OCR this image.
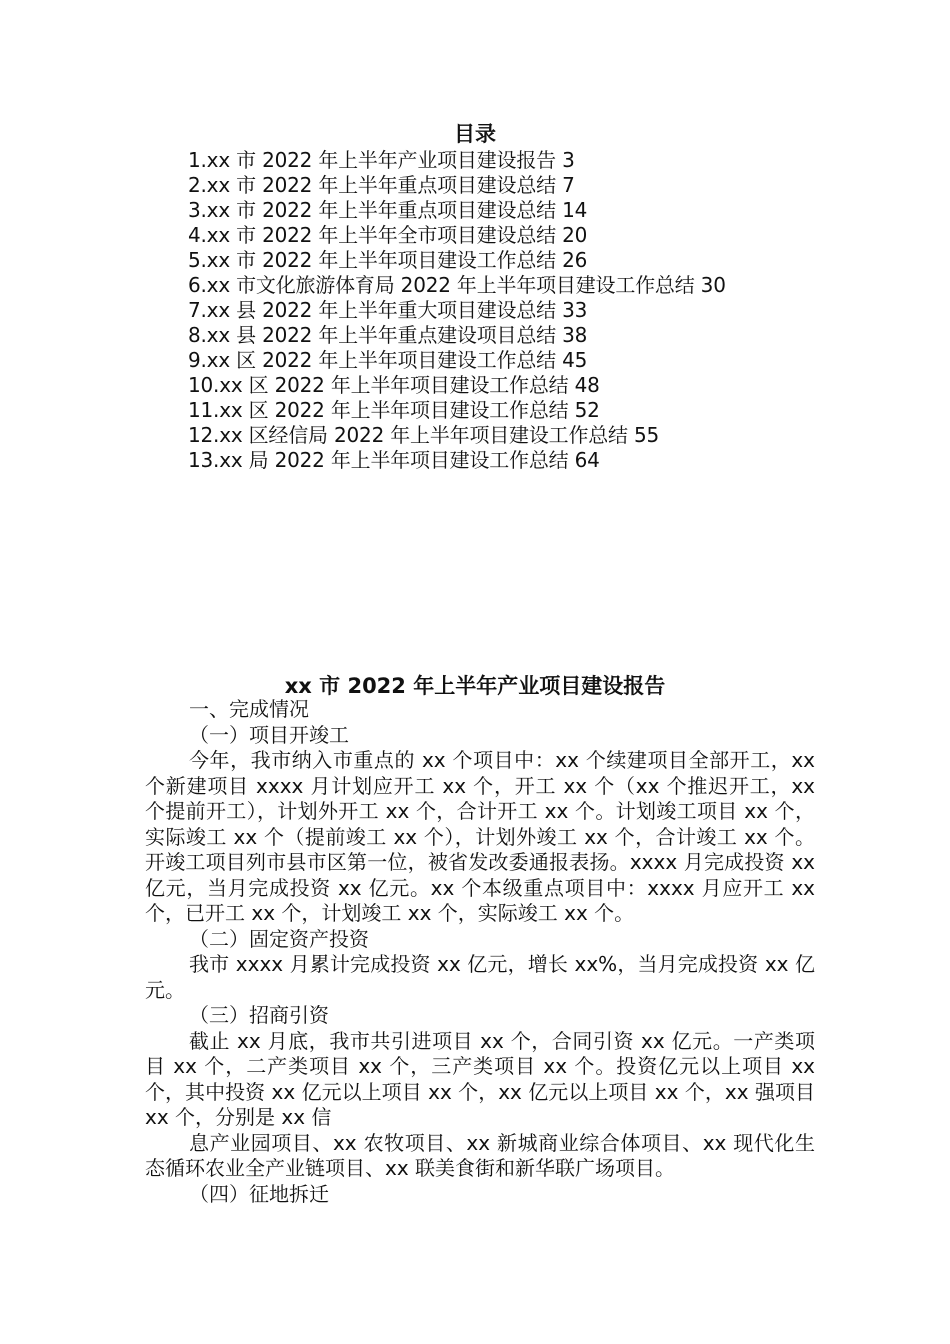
目录
1.xx 市 2022 年上半年产业项目建设报告 3
2.xx 市 2022 年上半年重点项目建设总结 7
3.xx 市 2022 年上半年重点项目建设总结 14
4.xx 市 2022 年上半年全市项目建设总结 20
5.xx 市 2022 年上半年项目建设工作总结 26
6.xx 市文化旅游体育局 2022 年上半年项目建设工作总结 30
7.xx 县 2022 年上半年重大项目建设总结 33
8.xx 县 2022 年上半年重点建设项目总结 38
9.xx 区 2022 年上半年项目建设工作总结 45
10.xx 区 2022 年上半年项目建设工作总结 48
11.xx 区 2022 年上半年项目建设工作总结 52
12.xx 区经信局 2022 年上半年项目建设工作总结 55
13.xx 局 2022 年上半年项目建设工作总结 64
xx 市 2022 年上半年产业项目建设报告

一、完成情况

（一）项目开竣工

今年，我市纳入市重点的 xx 个项目中：xx 个续建项目全部开工，xx 个新建项目 xxxx 月计划应开工 xx 个，开工 xx 个（xx 个推迟开工，xx 个提前开工），计划外开工 xx 个，合计开工 xx 个。计划竣工项目 xx 个，实际竣工 xx 个（提前竣工 xx 个），计划外竣工 xx 个，合计竣工 xx 个。开竣工项目列市县市区第一位，被省发改委通报表扬。xxxx 月完成投资 xx 亿元，当月完成投资 xx 亿元。xx 个本级重点项目中：xxxx 月应开工 xx 个，已开工 xx 个，计划竣工 xx 个，实际竣工 xx 个。

（二）固定资产投资

我市 xxxx 月累计完成投资 xx 亿元，增长 xx%，当月完成投资 xx 亿元。

（三）招商引资

截止 xx 月底，我市共引进项目 xx 个，合同引资 xx 亿元。一产类项目 xx 个，二产类项目 xx 个，三产类项目 xx 个。投资亿元以上项目 xx 个，其中投资 xx 亿元以上项目 xx 个，xx 亿元以上项目 xx 个，xx 强项目 xx 个，分别是 xx 信

息产业园项目、xx 农牧项目、xx 新城商业综合体项目、xx 现代化生态循环农业全产业链项目、xx 联美食街和新华联广场项目。

（四）征地拆迁
